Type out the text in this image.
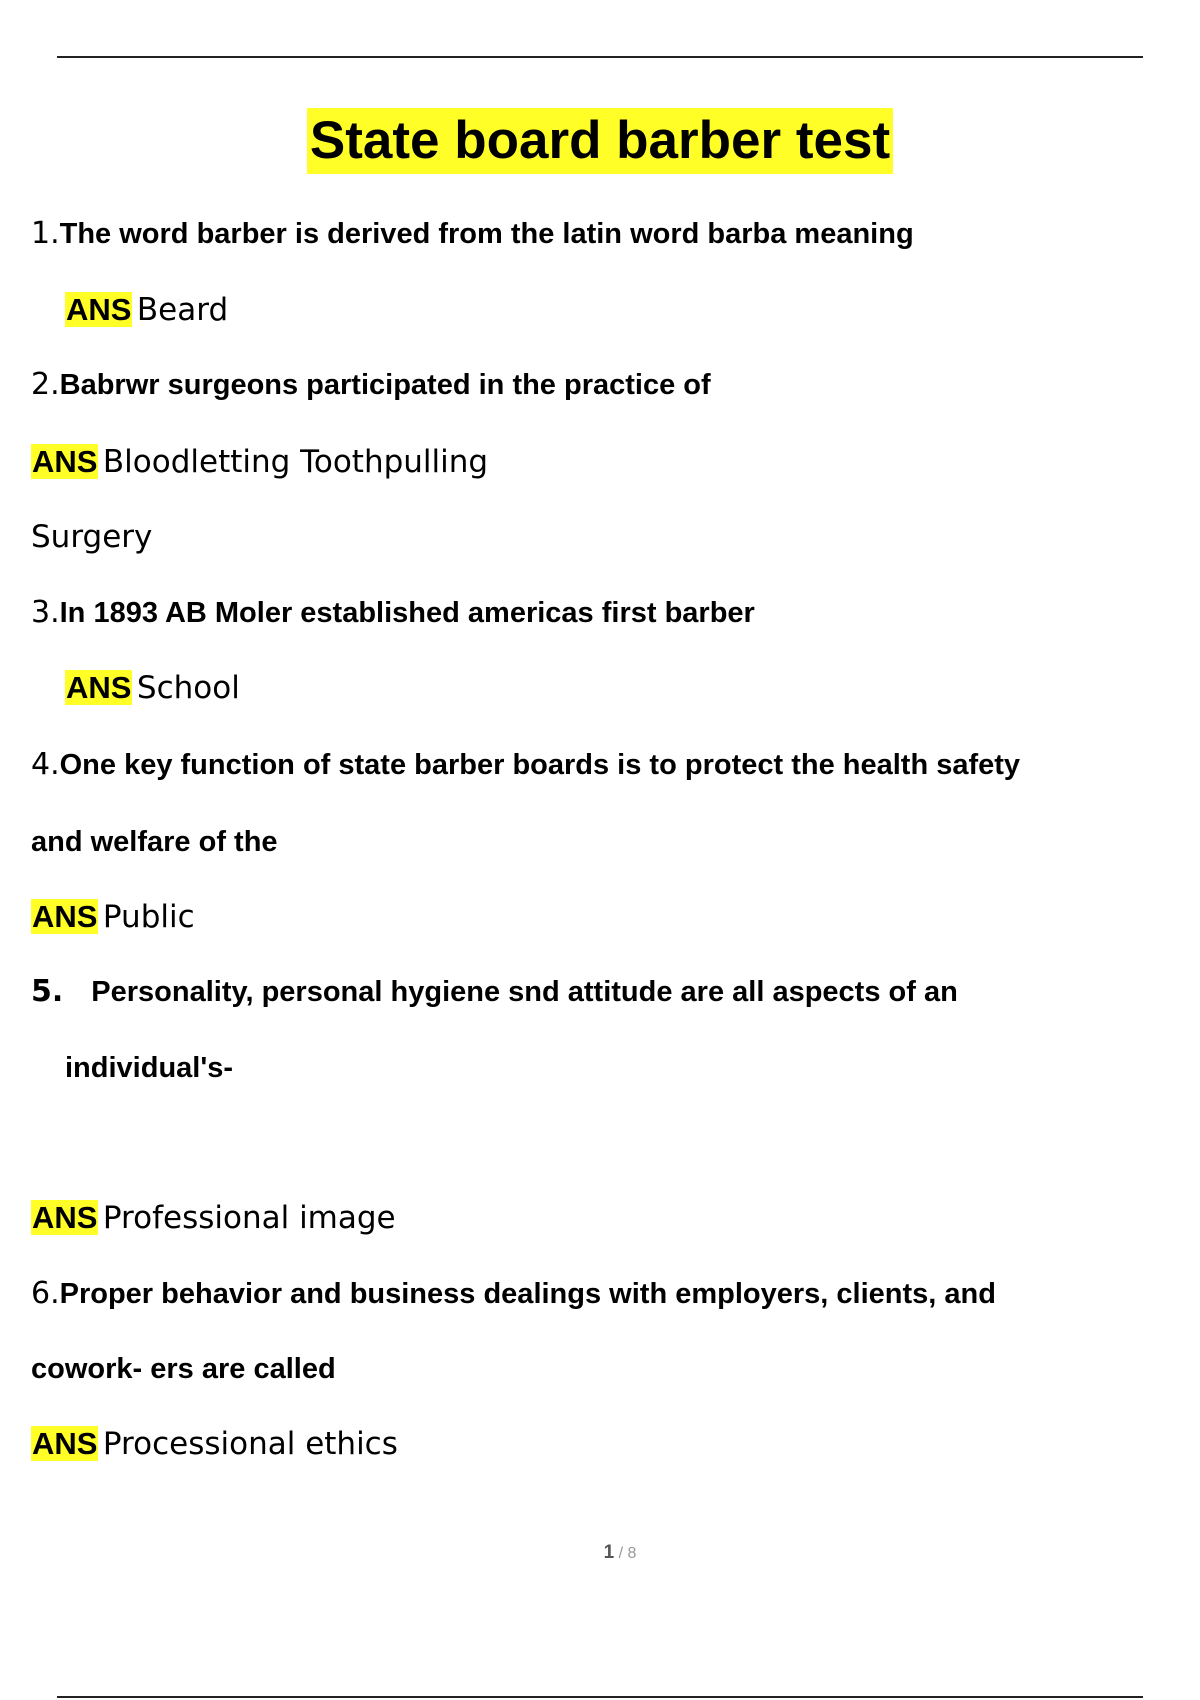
State board barber test
1.The word barber is derived from the latin word barba meaning
ANS Beard
2.Babrwr surgeons participated in the practice of
ANS Bloodletting Toothpulling
Surgery
3.In 1893 AB Moler established americas first barber
ANS School
4.One key function of state barber boards is to protect the health safety
and welfare of the
ANS Public
5. Personality, personal hygiene snd attitude are all aspects of an
individual's-
ANS Professional image
6.Proper behavior and business dealings with employers, clients, and
cowork- ers are called
ANS Processional ethics
1 / 8
